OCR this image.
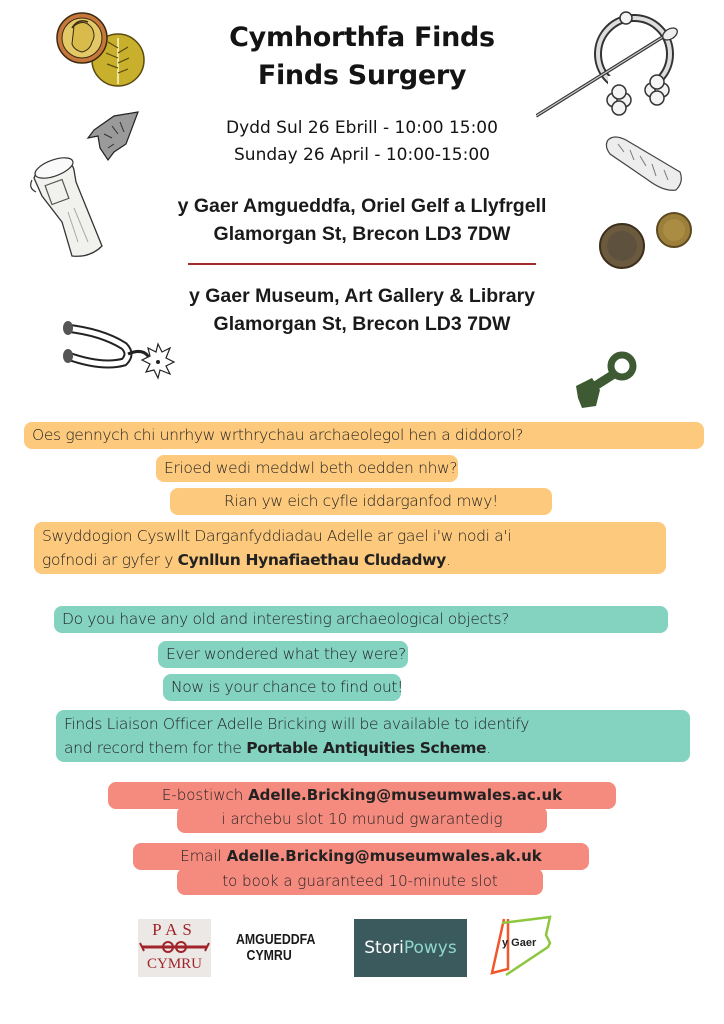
Cymhorthfa Finds
Finds Surgery
Dydd Sul 26 Ebrill - 10:00 15:00
Sunday 26 April - 10:00-15:00
y Gaer Amgueddfa, Oriel Gelf a Llyfrgell
Glamorgan St, Brecon LD3 7DW
y Gaer Museum, Art Gallery & Library
Glamorgan St, Brecon LD3 7DW
Oes gennych chi unrhyw wrthrychau archaeolegol hen a diddorol?
Erioed wedi meddwl beth oedden nhw?
Rian yw eich cyfle iddarganfod mwy!
Swyddogion Cyswllt Darganfyddiadau Adelle ar gael i'w nodi a'i
gofnodi ar gyfer y Cynllun Hynafiaethau Cludadwy.
Do you have any old and interesting archaeological objects?
Ever wondered what they were?
Now is your chance to find out!
Finds Liaison Officer Adelle Bricking will be available to identify
and record them for the Portable Antiquities Scheme.
E-bostiwch Adelle.Bricking@museumwales.ac.uk
i archebu slot 10 munud gwarantedig
Email Adelle.Bricking@museumwales.ak.uk
to book a guaranteed 10-minute slot
PAS
CYMRU
AMGUEDDFA
CYMRU	StoriPowys	y Gaer
